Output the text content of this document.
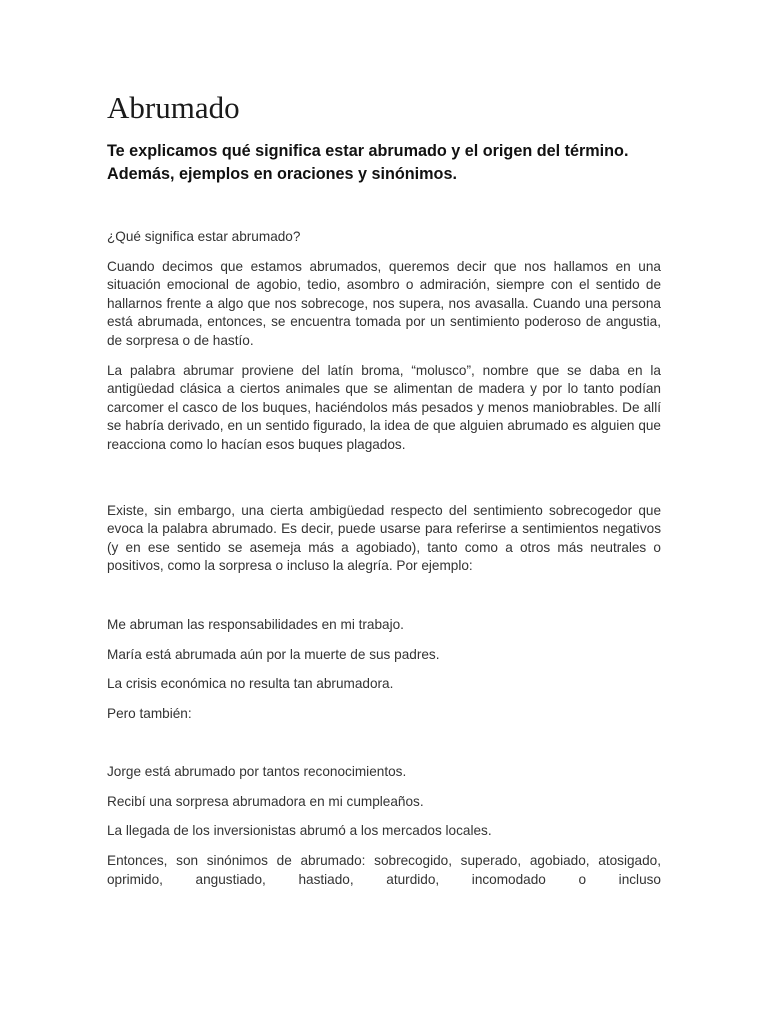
Abrumado

Te explicamos qué significa estar abrumado y el origen del término. Además, ejemplos en oraciones y sinónimos.

¿Qué significa estar abrumado?

Cuando decimos que estamos abrumados, queremos decir que nos hallamos en una situación emocional de agobio, tedio, asombro o admiración, siempre con el sentido de hallarnos frente a algo que nos sobrecoge, nos supera, nos avasalla. Cuando una persona está abrumada, entonces, se encuentra tomada por un sentimiento poderoso de angustia, de sorpresa o de hastío.

La palabra abrumar proviene del latín broma, “molusco”, nombre que se daba en la antigüedad clásica a ciertos animales que se alimentan de madera y por lo tanto podían carcomer el casco de los buques, haciéndolos más pesados y menos maniobrables. De allí se habría derivado, en un sentido figurado, la idea de que alguien abrumado es alguien que reacciona como lo hacían esos buques plagados.

Existe, sin embargo, una cierta ambigüedad respecto del sentimiento sobrecogedor que evoca la palabra abrumado. Es decir, puede usarse para referirse a sentimientos negativos (y en ese sentido se asemeja más a agobiado), tanto como a otros más neutrales o positivos, como la sorpresa o incluso la alegría. Por ejemplo:

Me abruman las responsabilidades en mi trabajo.

María está abrumada aún por la muerte de sus padres.

La crisis económica no resulta tan abrumadora.

Pero también:

Jorge está abrumado por tantos reconocimientos.

Recibí una sorpresa abrumadora en mi cumpleaños.

La llegada de los inversionistas abrumó a los mercados locales.

Entonces, son sinónimos de abrumado: sobrecogido, superado, agobiado, atosigado, oprimido, angustiado, hastiado, aturdido, incomodado o incluso
